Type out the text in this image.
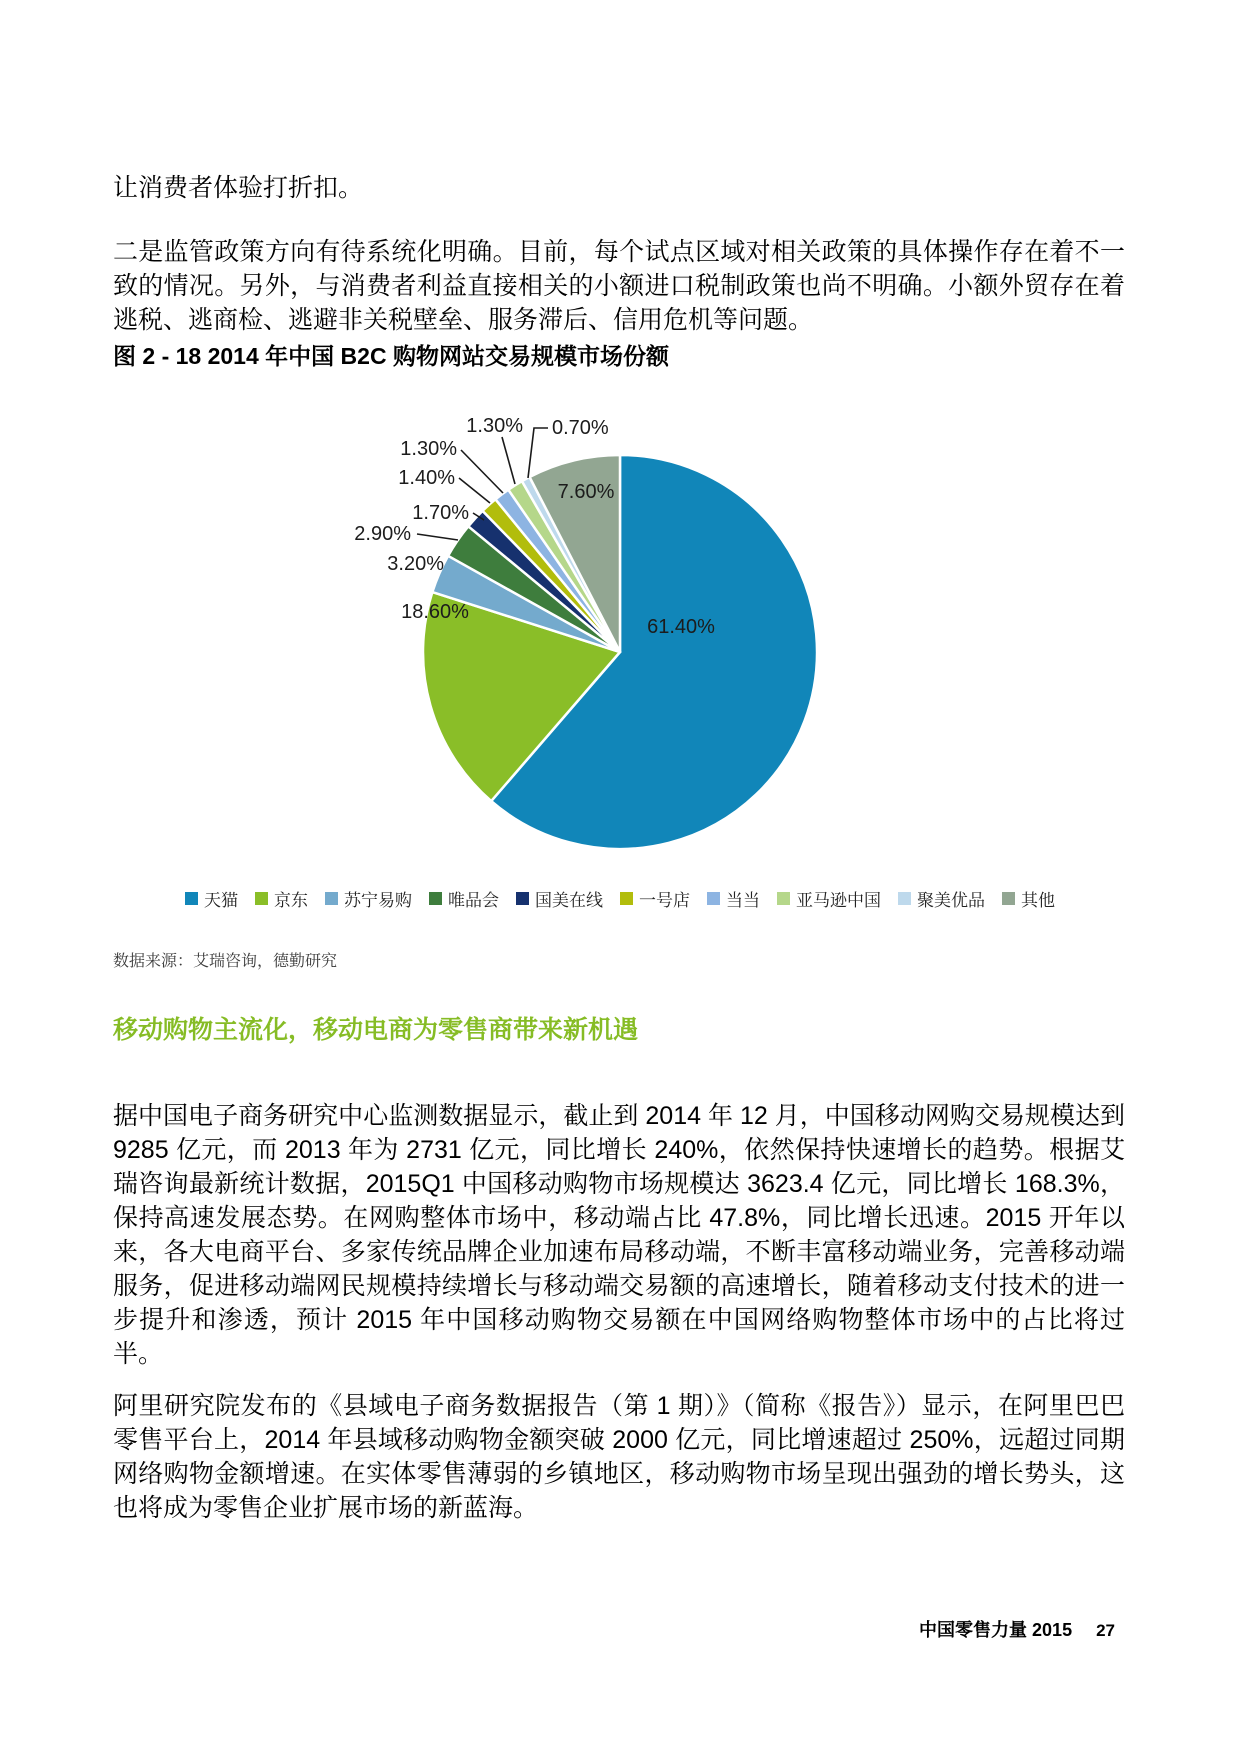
让消费者体验打折扣。

二是监管政策方向有待系统化明确。目前，每个试点区域对相关政策的具体操作存在着不一致的情况。另外，与消费者利益直接相关的小额进口税制政策也尚不明确。小额外贸存在着逃税、逃商检、逃避非关税壁垒、服务滞后、信用危机等问题。

图 2 - 18 2014 年中国 B2C 购物网站交易规模市场份额
61.40%
18.60%
3.20%
2.90%
1.70%
1.40%
1.30%
1.30% 0.70%
7.60%
天猫 京东 苏宁易购 唯品会 国美在线 一号店 当当 亚马逊中国 聚美优品 其他
数据来源：艾瑞咨询，德勤研究
移动购物主流化，移动电商为零售商带来新机遇

据中国电子商务研究中心监测数据显示，截止到 2014 年 12 月，中国移动网购交易规模达到 9285 亿元，而 2013 年为 2731 亿元，同比增长 240%，依然保持快速增长的趋势。根据艾瑞咨询最新统计数据，2015Q1 中国移动购物市场规模达 3623.4 亿元，同比增长 168.3%，保持高速发展态势。在网购整体市场中，移动端占比 47.8%，同比增长迅速。2015 开年以来，各大电商平台、多家传统品牌企业加速布局移动端，不断丰富移动端业务，完善移动端服务，促进移动端网民规模持续增长与移动端交易额的高速增长，随着移动支付技术的进一步提升和渗透，预计 2015 年中国移动购物交易额在中国网络购物整体市场中的占比将过半。

阿里研究院发布的《县域电子商务数据报告（第 1 期）》（简称《报告》）显示，在阿里巴巴零售平台上，2014 年县域移动购物金额突破 2000 亿元，同比增速超过 250%，远超过同期网络购物金额增速。在实体零售薄弱的乡镇地区，移动购物市场呈现出强劲的增长势头，这也将成为零售企业扩展市场的新蓝海。

中国零售力量 2015 27
